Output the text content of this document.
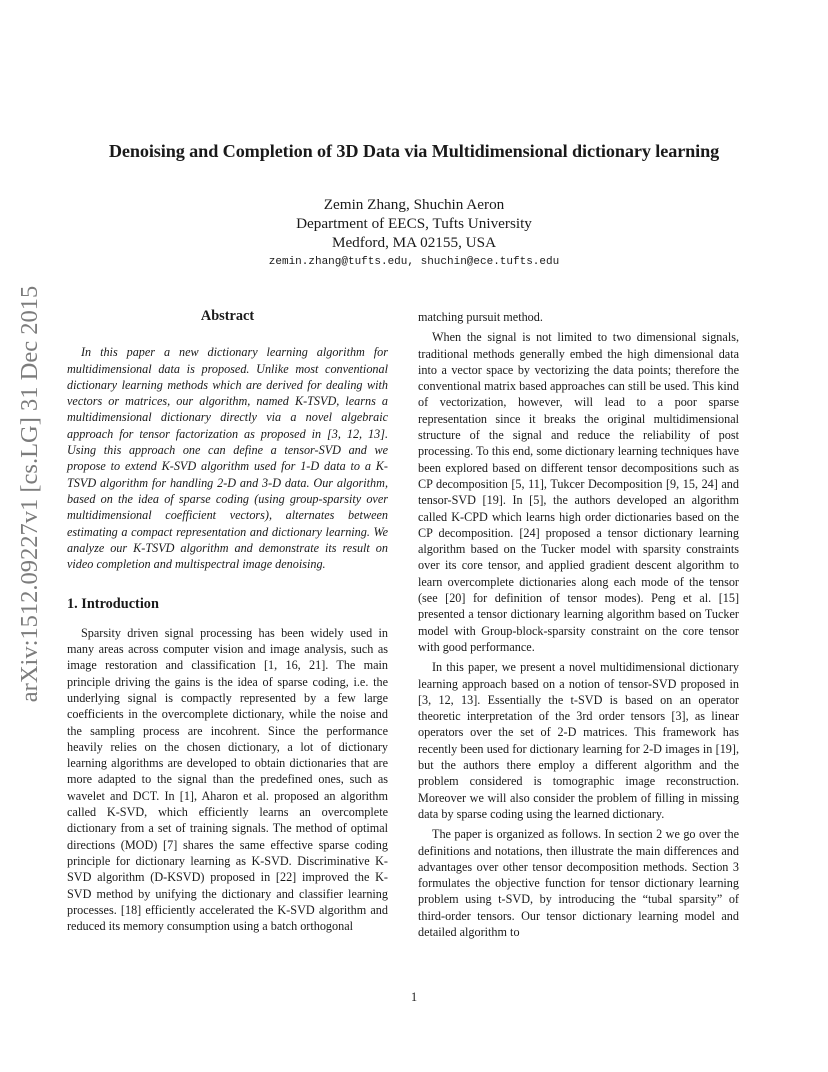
Denoising and Completion of 3D Data via Multidimensional dictionary learning
Zemin Zhang, Shuchin Aeron
Department of EECS, Tufts University
Medford, MA 02155, USA
zemin.zhang@tufts.edu, shuchin@ece.tufts.edu
arXiv:1512.09227v1 [cs.LG] 31 Dec 2015	Abstract

In this paper a new dictionary learning algorithm for multidimensional data is proposed. Unlike most conventional dictionary learning methods which are derived for dealing with vectors or matrices, our algorithm, named K-TSVD, learns a multidimensional dictionary directly via a novel algebraic approach for tensor factorization as proposed in [3, 12, 13]. Using this approach one can define a tensor-SVD and we propose to extend K-SVD algorithm used for 1-D data to a K-TSVD algorithm for handling 2-D and 3-D data. Our algorithm, based on the idea of sparse coding (using group-sparsity over multidimensional coefficient vectors), alternates between estimating a compact representation and dictionary learning. We analyze our K-TSVD algorithm and demonstrate its result on video completion and multispectral image denoising.

1. Introduction

Sparsity driven signal processing has been widely used in many areas across computer vision and image analysis, such as image restoration and classification [1, 16, 21]. The main principle driving the gains is the idea of sparse coding, i.e. the underlying signal is compactly represented by a few large coefficients in the overcomplete dictionary, while the noise and the sampling process are incohrent. Since the performance heavily relies on the chosen dictionary, a lot of dictionary learning algorithms are developed to obtain dictionaries that are more adapted to the signal than the predefined ones, such as wavelet and DCT. In [1], Aharon et al. proposed an algorithm called K-SVD, which efficiently learns an overcomplete dictionary from a set of training signals. The method of optimal directions (MOD) [7] shares the same effective sparse coding principle for dictionary learning as K-SVD. Discriminative K-SVD algorithm (D-KSVD) proposed in [22] improved the K-SVD method by unifying the dictionary and classifier learning processes. [18] efficiently accelerated the K-SVD algorithm and reduced its memory consumption using a batch orthogonal

matching pursuit method.

When the signal is not limited to two dimensional signals, traditional methods generally embed the high dimensional data into a vector space by vectorizing the data points; therefore the conventional matrix based approaches can still be used. This kind of vectorization, however, will lead to a poor sparse representation since it breaks the original multidimensional structure of the signal and reduce the reliability of post processing. To this end, some dictionary learning techniques have been explored based on different tensor decompositions such as CP decomposition [5, 11], Tukcer Decomposition [9, 15, 24] and tensor-SVD [19]. In [5], the authors developed an algorithm called K-CPD which learns high order dictionaries based on the CP decomposition. [24] proposed a tensor dictionary learning algorithm based on the Tucker model with sparsity constraints over its core tensor, and applied gradient descent algorithm to learn overcomplete dictionaries along each mode of the tensor (see [20] for definition of tensor modes). Peng et al. [15] presented a tensor dictionary learning algorithm based on Tucker model with Group-block-sparsity constraint on the core tensor with good performance.

In this paper, we present a novel multidimensional dictionary learning approach based on a notion of tensor-SVD proposed in [3, 12, 13]. Essentially the t-SVD is based on an operator theoretic interpretation of the 3rd order tensors [3], as linear operators over the set of 2-D matrices. This framework has recently been used for dictionary learning for 2-D images in [19], but the authors there employ a different algorithm and the problem considered is tomographic image reconstruction. Moreover we will also consider the problem of filling in missing data by sparse coding using the learned dictionary.

The paper is organized as follows. In section 2 we go over the definitions and notations, then illustrate the main differences and advantages over other tensor decomposition methods. Section 3 formulates the objective function for tensor dictionary learning problem using t-SVD, by introducing the “tubal sparsity” of third-order tensors. Our tensor dictionary learning model and detailed algorithm to

1
